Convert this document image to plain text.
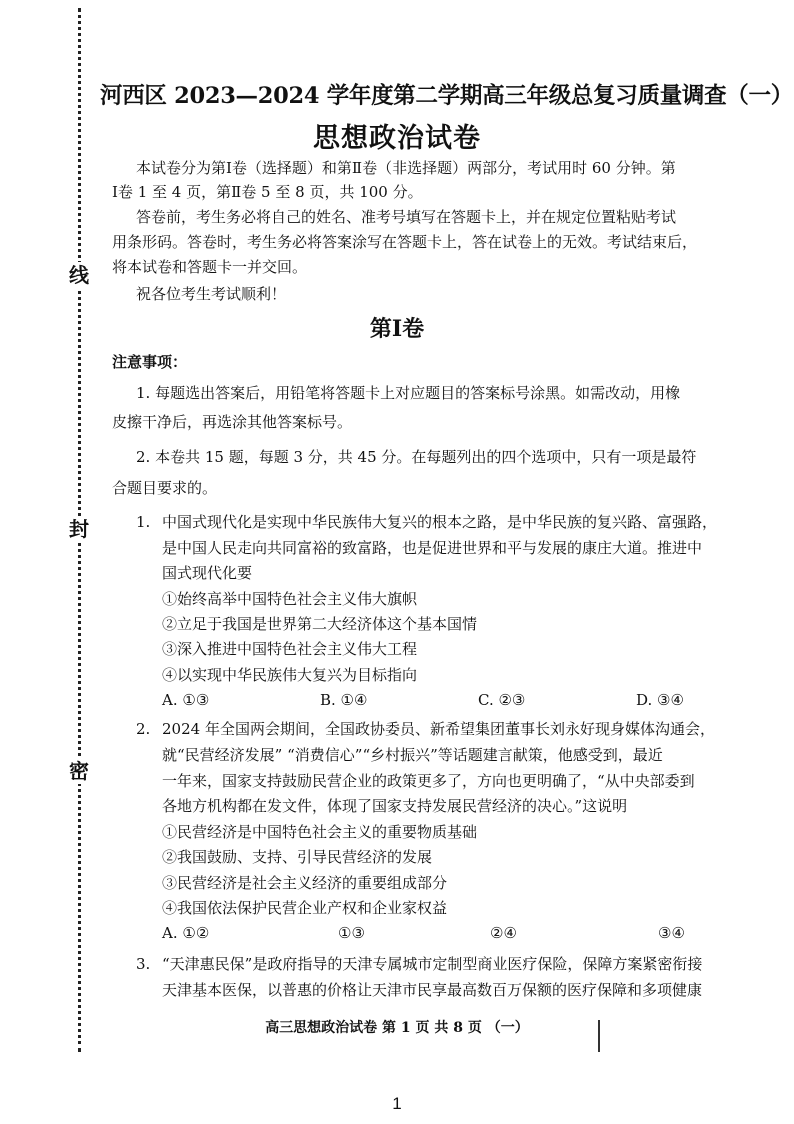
线
封
密
河西区 2023—2024 学年度第二学期高三年级总复习质量调查（一）
思想政治试卷
本试卷分为第Ⅰ卷（选择题）和第Ⅱ卷（非选择题）两部分，考试用时 60 分钟。第
Ⅰ卷 1 至 4 页，第Ⅱ卷 5 至 8 页，共 100 分。
答卷前，考生务必将自己的姓名、准考号填写在答题卡上，并在规定位置粘贴考试
用条形码。答卷时，考生务必将答案涂写在答题卡上，答在试卷上的无效。考试结束后，
将本试卷和答题卡一并交回。
祝各位考生考试顺利！
第Ⅰ卷
注意事项：
1. 每题选出答案后，用铅笔将答题卡上对应题目的答案标号涂黑。如需改动，用橡
皮擦干净后，再选涂其他答案标号。
2. 本卷共 15 题，每题 3 分，共 45 分。在每题列出的四个选项中，只有一项是最符
合题目要求的。
1. 中国式现代化是实现中华民族伟大复兴的根本之路，是中华民族的复兴路、富强路，
是中国人民走向共同富裕的致富路，也是促进世界和平与发展的康庄大道。推进中
国式现代化要
①始终高举中国特色社会主义伟大旗帜
②立足于我国是世界第二大经济体这个基本国情
③深入推进中国特色社会主义伟大工程
④以实现中华民族伟大复兴为目标指向
A. ①③	B. ①④	C. ②③	D. ③④
2. 2024 年全国两会期间，全国政协委员、新希望集团董事长刘永好现身媒体沟通会，
就“民营经济发展” “消费信心”“乡村振兴”等话题建言献策，他感受到，最近
一年来，国家支持鼓励民营企业的政策更多了，方向也更明确了，“从中央部委到
各地方机构都在发文件，体现了国家支持发展民营经济的决心。”这说明
①民营经济是中国特色社会主义的重要物质基础
②我国鼓励、支持、引导民营经济的发展
③民营经济是社会主义经济的重要组成部分
④我国依法保护民营企业产权和企业家权益
A. ①②	①③	②④	③④
3. “天津惠民保”是政府指导的天津专属城市定制型商业医疗保险，保障方案紧密衔接
天津基本医保，以普惠的价格让天津市民享最高数百万保额的医疗保障和多项健康
高三思想政治试卷 第 1 页 共 8 页 （一）
1
